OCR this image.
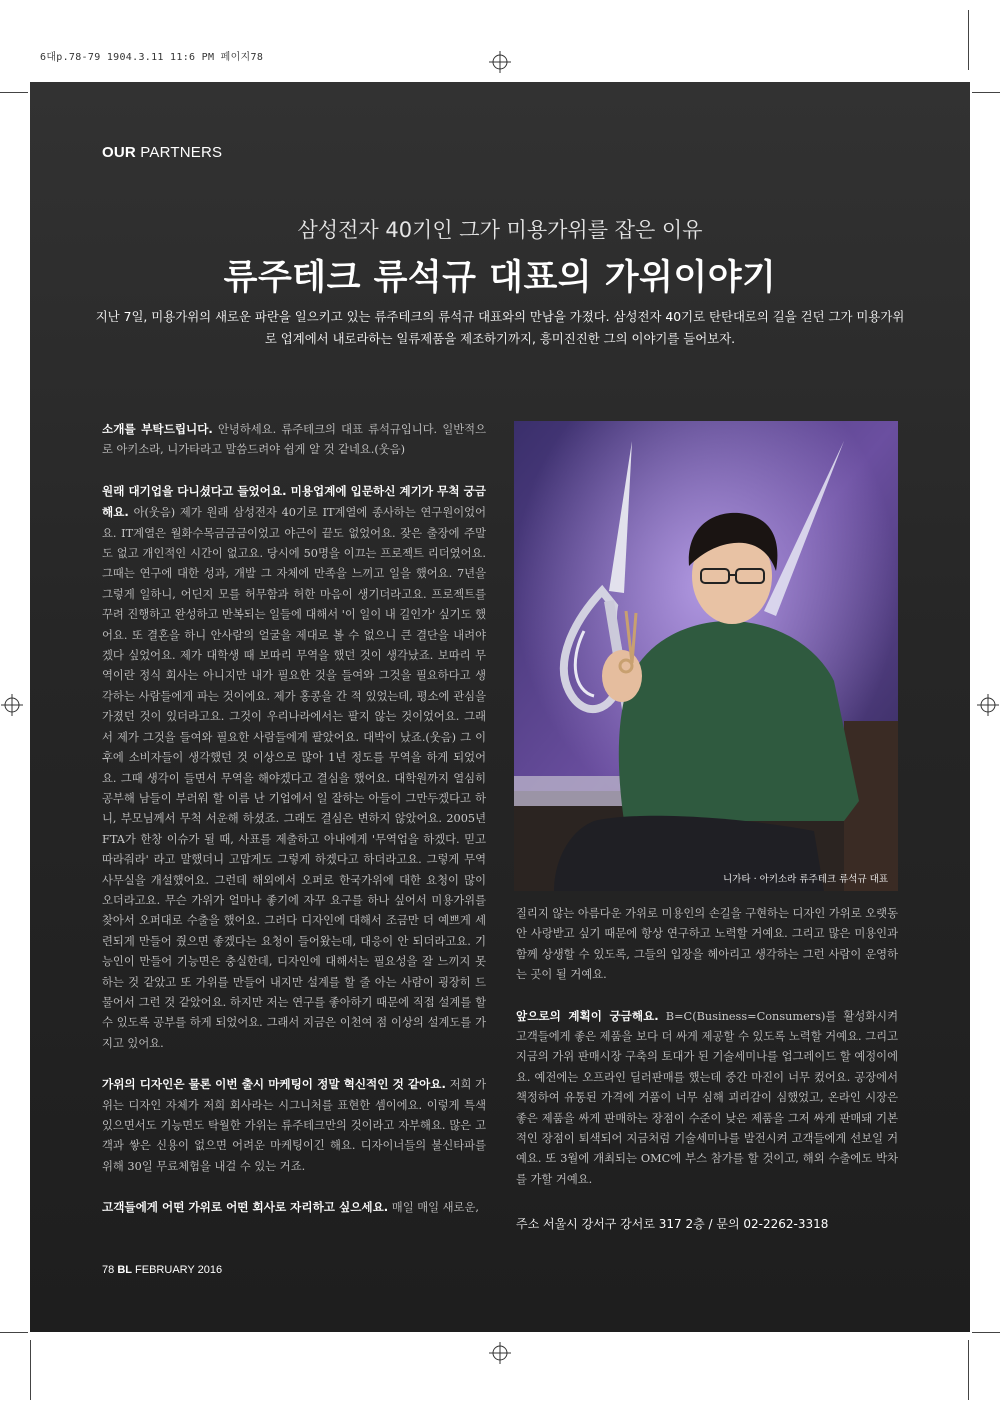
6대p.78-79 1904.3.11 11:6 PM 페이지78
OUR PARTNERS
삼성전자 40기인 그가 미용가위를 잡은 이유
류주테크 류석규 대표의 가위이야기
지난 7일, 미용가위의 새로운 파란을 일으키고 있는 류주테크의 류석규 대표와의 만남을 가졌다. 삼성전자 40기로 탄탄대로의 길을 걷던 그가 미용가위로 업계에서 내로라하는 일류제품을 제조하기까지, 흥미진진한 그의 이야기를 들어보자.

소개를 부탁드립니다. 안녕하세요. 류주테크의 대표 류석규입니다. 일반적으로 아키소라, 니가타라고 말씀드려야 쉽게 알 것 같네요.(웃음)

원래 대기업을 다니셨다고 들었어요. 미용업계에 입문하신 계기가 무척 궁금해요. 아(웃음) 제가 원래 삼성전자 40기로 IT계열에 종사하는 연구원이었어요. IT계열은 월화수목금금금이었고 야근이 끝도 없었어요. 잦은 출장에 주말도 없고 개인적인 시간이 없고요. 당시에 50명을 이끄는 프로젝트 리더였어요. 그때는 연구에 대한 성과, 개발 그 자체에 만족을 느끼고 일을 했어요. 7년을 그렇게 일하니, 어딘지 모를 허무함과 허한 마음이 생기더라고요. 프로젝트를 꾸려 진행하고 완성하고 반복되는 일들에 대해서 '이 일이 내 길인가' 싶기도 했어요. 또 결혼을 하니 안사람의 얼굴을 제대로 볼 수 없으니 큰 결단을 내려야겠다 싶었어요. 제가 대학생 때 보따리 무역을 했던 것이 생각났죠. 보따리 무역이란 정식 회사는 아니지만 내가 필요한 것을 들여와 그것을 필요하다고 생각하는 사람들에게 파는 것이에요. 제가 홍콩을 간 적 있었는데, 평소에 관심을 가졌던 것이 있더라고요. 그것이 우리나라에서는 팔지 않는 것이었어요. 그래서 제가 그것을 들여와 필요한 사람들에게 팔았어요. 대박이 났죠.(웃음) 그 이후에 소비자들이 생각했던 것 이상으로 많아 1년 정도를 무역을 하게 되었어요. 그때 생각이 들면서 무역을 해야겠다고 결심을 했어요. 대학원까지 열심히 공부해 남들이 부러워 할 이름 난 기업에서 일 잘하는 아들이 그만두겠다고 하니, 부모님께서 무척 서운해 하셨죠. 그래도 결심은 변하지 않았어요. 2005년 FTA가 한창 이슈가 될 때, 사표를 제출하고 아내에게 '무역업을 하겠다. 믿고 따라줘라' 라고 말했더니 고맙게도 그렇게 하겠다고 하더라고요. 그렇게 무역사무실을 개설했어요. 그런데 해외에서 오퍼로 한국가위에 대한 요청이 많이 오더라고요. 무슨 가위가 얼마나 좋기에 자꾸 요구를 하나 싶어서 미용가위를 찾아서 오퍼대로 수출을 했어요. 그러다 디자인에 대해서 조금만 더 예쁘게 세련되게 만들어 줬으면 좋겠다는 요청이 들어왔는데, 대응이 안 되더라고요. 기능인이 만들어 기능면은 충실한데, 디자인에 대해서는 필요성을 잘 느끼지 못하는 것 같았고 또 가위를 만들어 내지만 설계를 할 줄 아는 사람이 굉장히 드물어서 그런 것 같았어요. 하지만 저는 연구를 좋아하기 때문에 직접 설계를 할 수 있도록 공부를 하게 되었어요. 그래서 지금은 이천여 점 이상의 설계도를 가지고 있어요.

가위의 디자인은 물론 이번 출시 마케팅이 정말 혁신적인 것 같아요. 저희 가위는 디자인 자체가 저희 회사라는 시그니처를 표현한 셈이에요. 이렇게 특색있으면서도 기능면도 탁월한 가위는 류주테크만의 것이라고 자부해요. 많은 고객과 쌓은 신용이 없으면 어려운 마케팅이긴 해요. 디자이너들의 불신타파를 위해 30일 무료체험을 내걸 수 있는 거죠.

고객들에게 어떤 가위로 어떤 회사로 자리하고 싶으세요. 매일 매일 새로운,

니가타 · 아키소라 류주테크 류석규 대표

질리지 않는 아름다운 가위로 미용인의 손길을 구현하는 디자인 가위로 오랫동안 사랑받고 싶기 때문에 항상 연구하고 노력할 거예요. 그리고 많은 미용인과 함께 상생할 수 있도록, 그들의 입장을 헤아리고 생각하는 그런 사람이 운영하는 곳이 될 거예요.

앞으로의 계획이 궁금해요. B=C(Business=Consumers)를 활성화시켜 고객들에게 좋은 제품을 보다 더 싸게 제공할 수 있도록 노력할 거예요. 그리고 지금의 가위 판매시장 구축의 토대가 된 기술세미나를 업그레이드 할 예정이에요. 예전에는 오프라인 딜러판매를 했는데 중간 마진이 너무 컸어요. 공장에서 책정하여 유통된 가격에 거품이 너무 심해 괴리감이 심했었고, 온라인 시장은 좋은 제품을 싸게 판매하는 장점이 수준이 낮은 제품을 그저 싸게 판매돼 기본적인 장점이 퇴색되어 지금처럼 기술세미나를 발전시켜 고객들에게 선보일 거예요. 또 3월에 개최되는 OMC에 부스 참가를 할 것이고, 해외 수출에도 박차를 가할 거예요.

주소 서울시 강서구 강서로 317 2층 / 문의 02-2262-3318
78 BL FEBRUARY 2016
